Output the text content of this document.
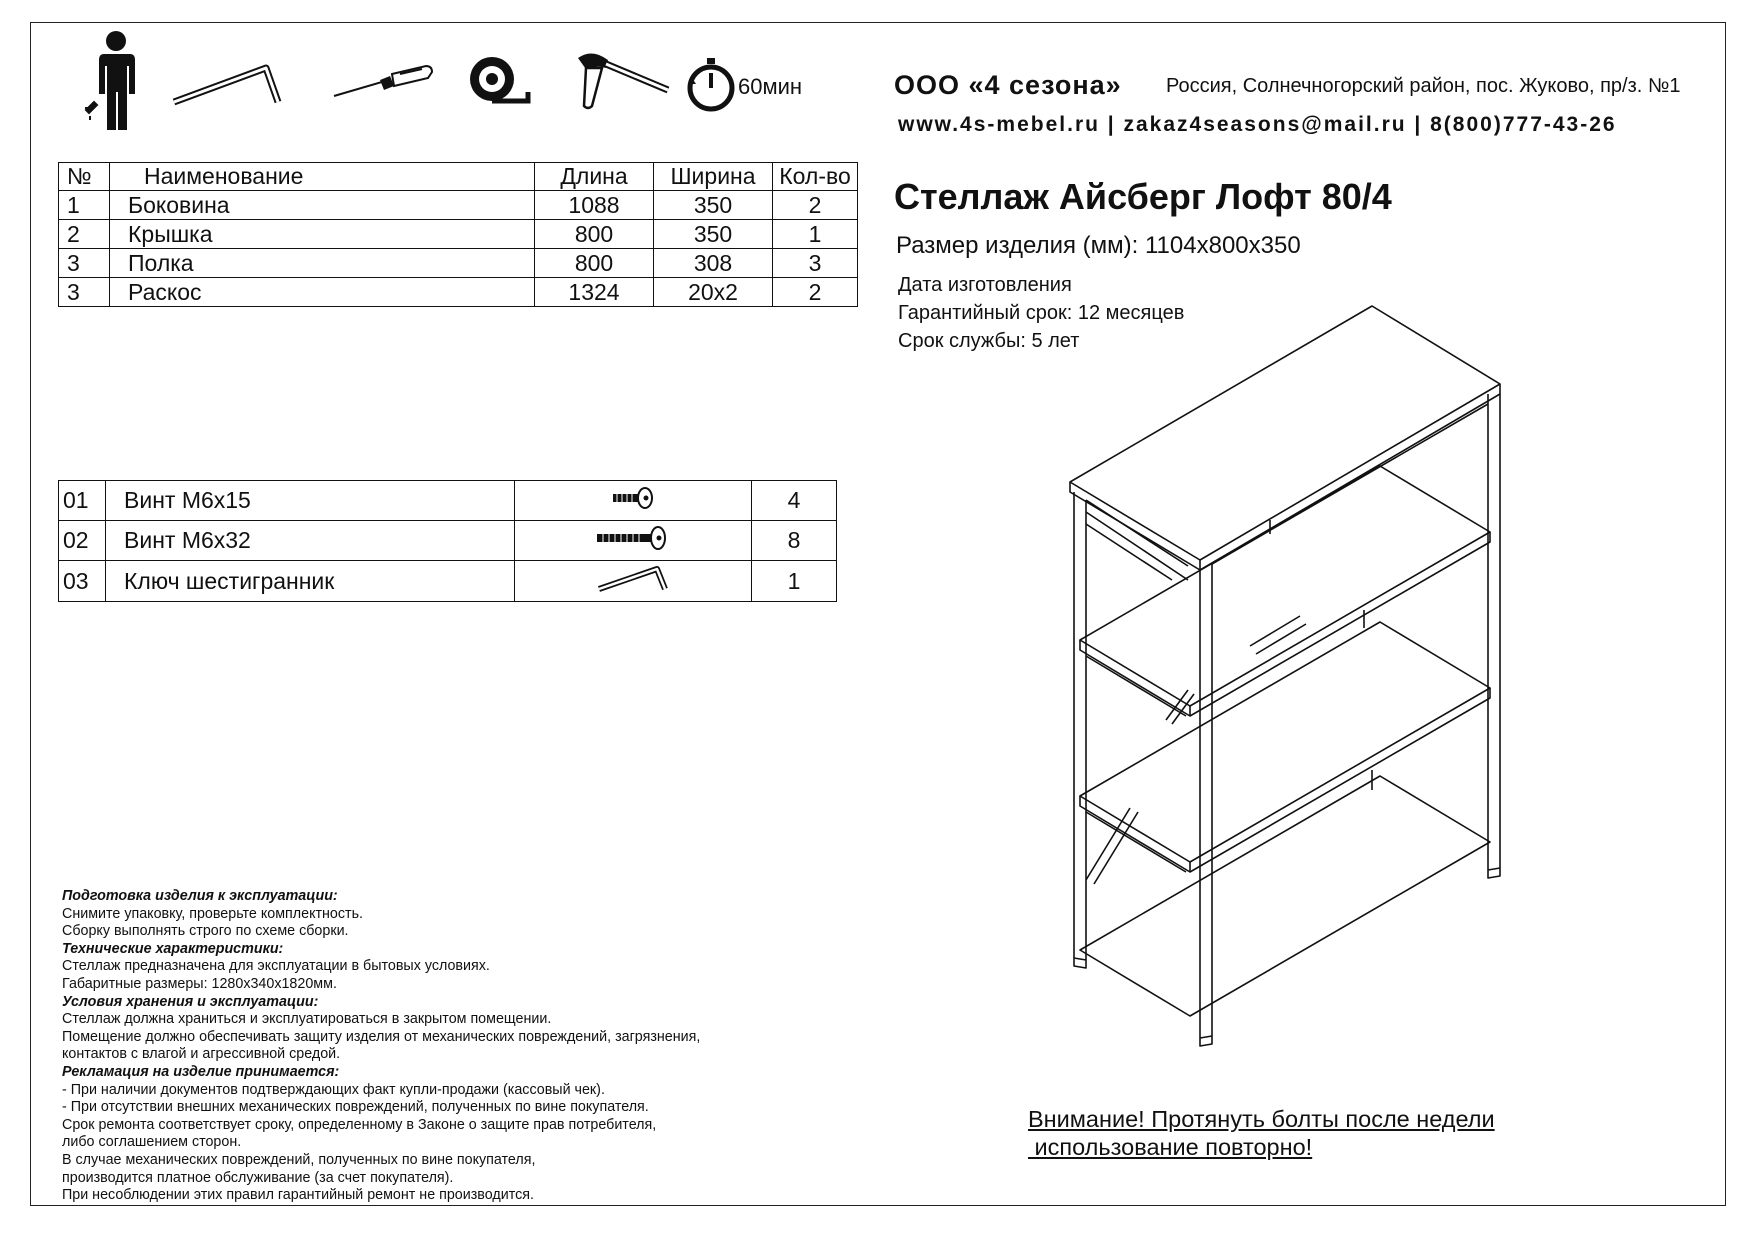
60мин	ООО «4 сезона» Россия, Солнечногорский район, пос. Жуково, пр/з. №1
www.4s-mebel.ru | zakaz4seasons@mail.ru | 8(800)777-43-26
Стеллаж Айсберг Лофт 80/4
Размер изделия (мм): 1104х800х350
Дата изготовления
Гарантийный срок: 12 месяцев
Срок службы: 5 лет
№	Наименование	Длина	Ширина	Кол-во
1	Боковина	1088	350	2
2	Крышка	800	350	1
3	Полка	800	308	3
3	Раскос	1324	20х2	2
01	Винт М6х15		4
02	Винт М6х32		8
03	Ключ шестигранник		1
Подготовка изделия к эксплуатации:
Снимите упаковку, проверьте комплектность.
Сборку выполнять строго по схеме сборки.
Технические характеристики:
Стеллаж предназначена для эксплуатации в бытовых условиях.
Габаритные размеры: 1280х340х1820мм.
Условия хранения и эксплуатации:
Стеллаж должна храниться и эксплуатироваться в закрытом помещении.
Помещение должно обеспечивать защиту изделия от механических повреждений, загрязнения,
контактов с влагой и агрессивной средой.
Рекламация на изделие принимается:
- При наличии документов подтверждающих факт купли-продажи (кассовый чек).
- При отсутствии внешних механических повреждений, полученных по вине покупателя.
Срок ремонта соответствует сроку, определенному в Законе о защите прав потребителя,
либо соглашением сторон.
В случае механических повреждений, полученных по вине покупателя,
производится платное обслуживание (за счет покупателя).
При несоблюдении этих правил гарантийный ремонт не производится.
Внимание! Протянуть болты после недели
использование повторно!
